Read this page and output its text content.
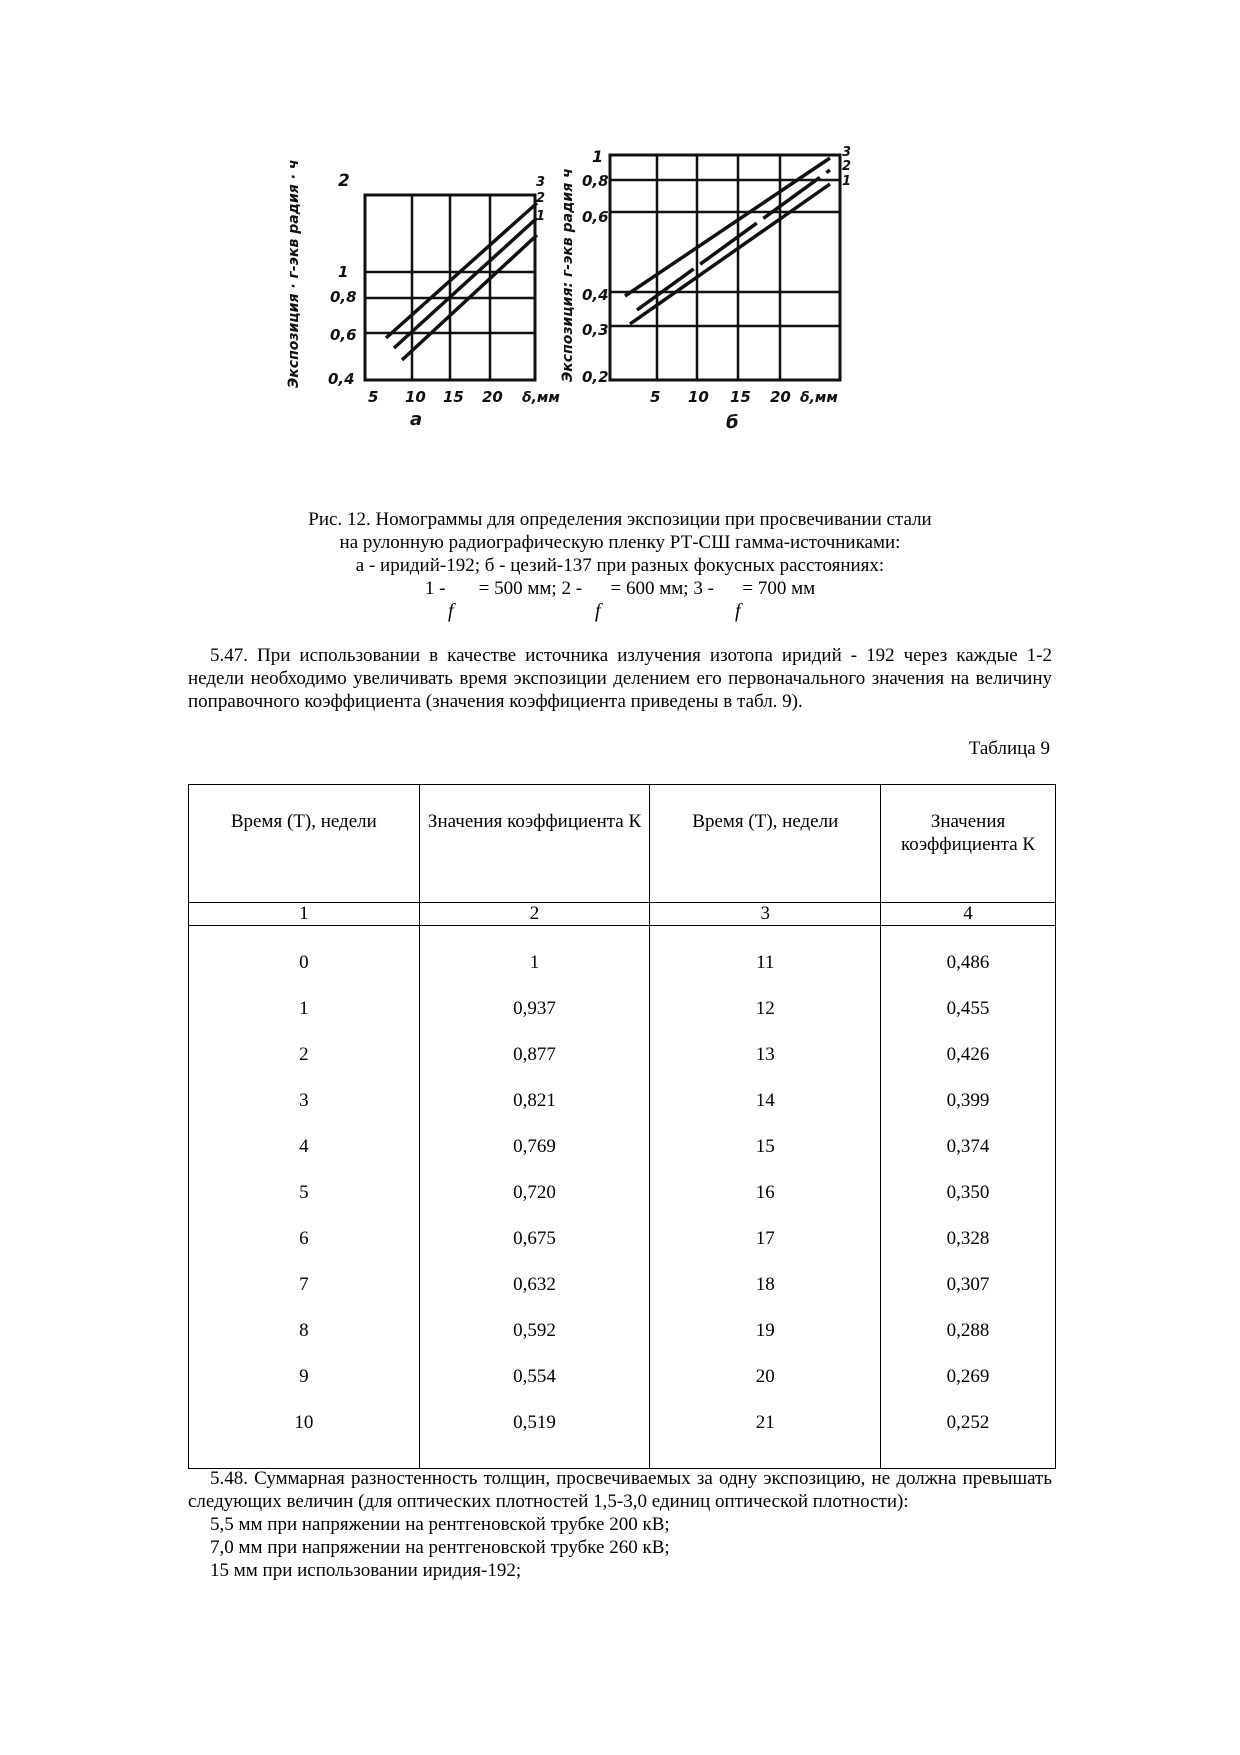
2
1
0,8
0,6
0,4
5 10 15 20 δ,мм
а
3
2
1
Экспозиция · г-экв радия · ч
1
0,8
0,6
0,4
0,3
0,2
5 10 15 20 δ,мм
б
3
2
1
Экспозиция: г-экв радия ч
Рис. 12. Номограммы для определения экспозиции при просвечивании стали
на рулонную радиографическую пленку РТ-СШ гамма-источниками:
а - иридий-192; б - цезий-137 при разных фокусных расстояниях:
1 -       = 500 мм; 2 -      = 600 мм; 3 -      = 700 мм
f	f	f

5.47. При использовании в качестве источника излучения изотопа иридий - 192 через каждые 1-2 недели необходимо увеличивать время экспозиции делением его первоначального значения на величину поправочного коэффициента (значения коэффициента приведены в табл. 9).

Таблица 9
Время (Т), недели	Значения коэффициента К	Время (Т), недели	Значения коэффициента К
1	2	3	4
0	1	11	0,486
1	0,937	12	0,455
2	0,877	13	0,426
3	0,821	14	0,399
4	0,769	15	0,374
5	0,720	16	0,350
6	0,675	17	0,328
7	0,632	18	0,307
8	0,592	19	0,288
9	0,554	20	0,269
10	0,519	21	0,252

5.48. Суммарная разностенность толщин, просвечиваемых за одну экспозицию, не должна превышать следующих величин (для оптических плотностей 1,5-3,0 единиц оптической плотности):

5,5 мм при напряжении на рентгеновской трубке 200 кВ;

7,0 мм при напряжении на рентгеновской трубке 260 кВ;

15 мм при использовании иридия-192;
